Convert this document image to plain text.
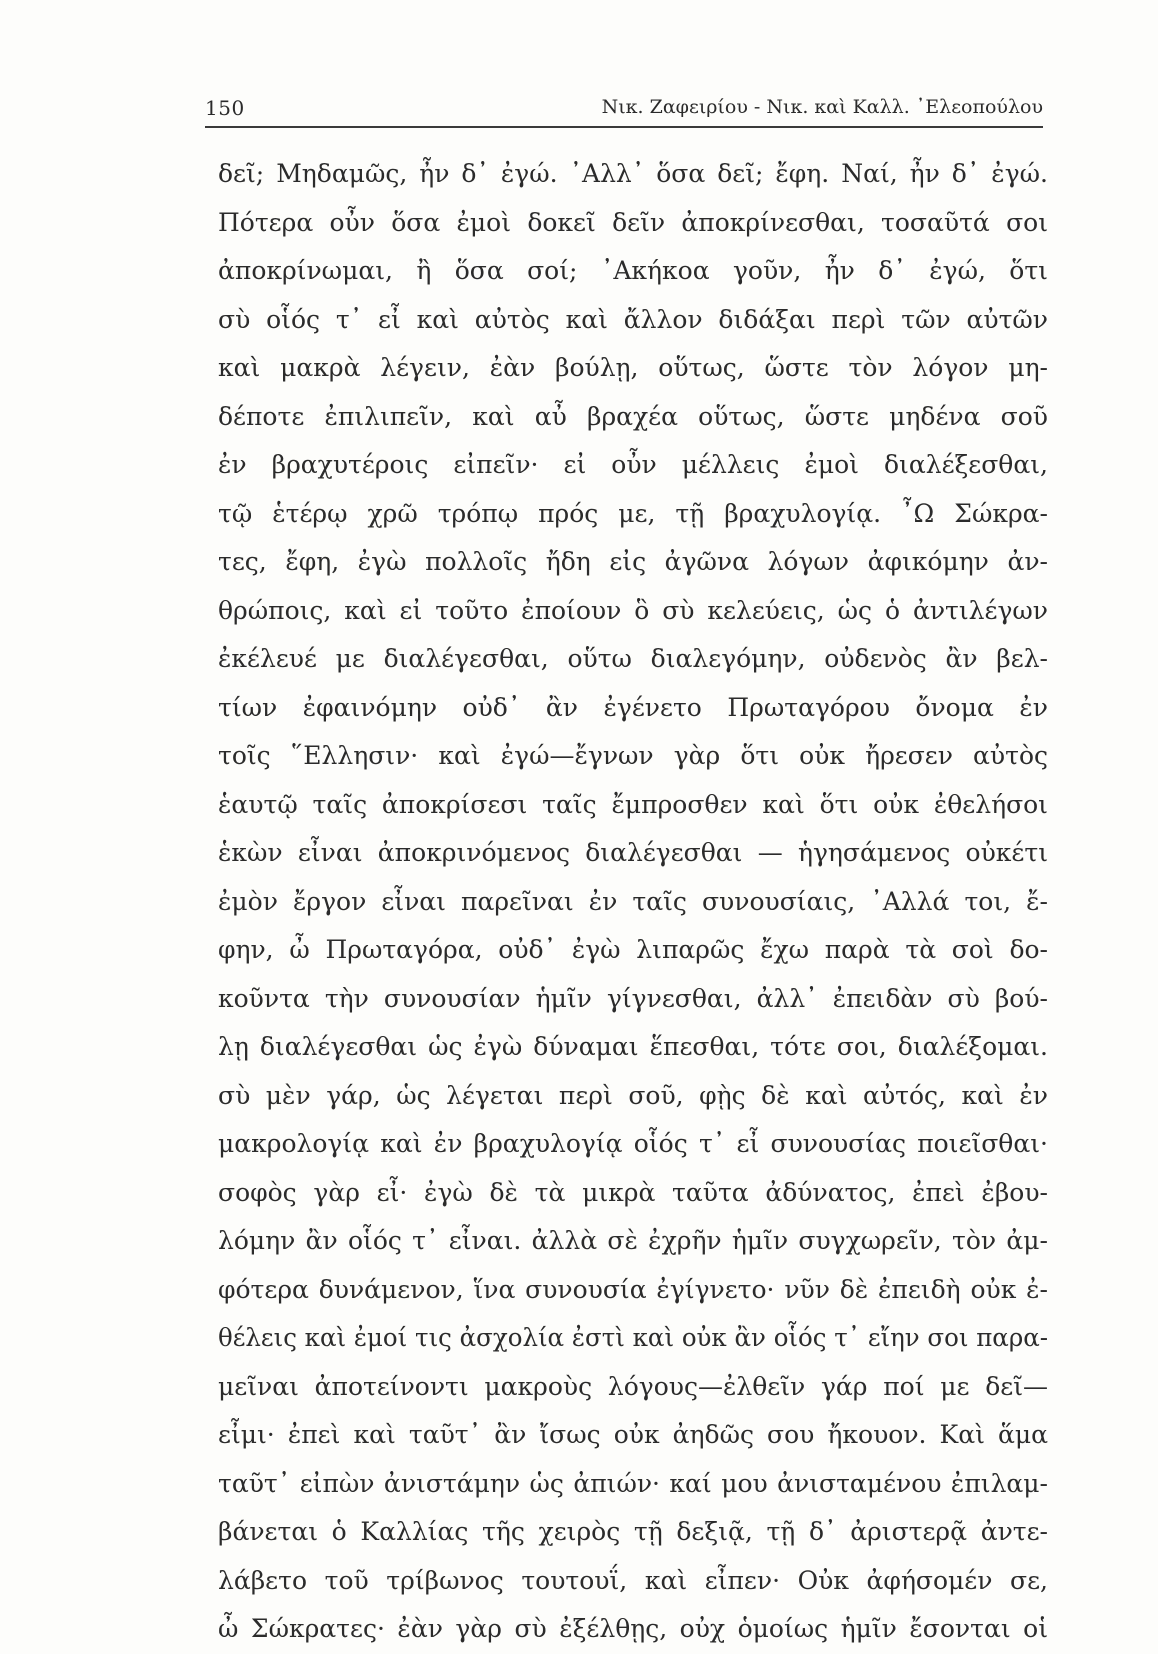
150	Νικ. Ζαφειρίου - Νικ. καὶ Καλλ. ᾿Ελεοπούλου
δεῖ; Μηδαμῶς, ἦν δ᾿ ἐγώ. ᾿Αλλ᾿ ὅσα δεῖ; ἔφη. Ναί, ἦν δ᾿ ἐγώ.
Πότερα οὖν ὅσα ἐμοὶ δοκεῖ δεῖν ἀποκρίνεσθαι, τοσαῦτά σοι
ἀποκρίνωμαι, ἢ ὅσα σοί; ᾿Ακήκοα γοῦν, ἦν δ᾿ ἐγώ, ὅτι
σὺ οἷός τ᾿ εἶ καὶ αὐτὸς καὶ ἄλλον διδάξαι περὶ τῶν αὐτῶν
καὶ μακρὰ λέγειν, ἐὰν βούλῃ, οὕτως, ὥστε τὸν λόγον μη-
δέποτε ἐπιλιπεῖν, καὶ αὖ βραχέα οὕτως, ὥστε μηδένα σοῦ
ἐν βραχυτέροις εἰπεῖν· εἰ οὖν μέλλεις ἐμοὶ διαλέξεσθαι,
τῷ ἑτέρῳ χρῶ τρόπῳ πρός με, τῇ βραχυλογίᾳ. ῏Ω Σώκρα-
τες, ἔφη, ἐγὼ πολλοῖς ἤδη εἰς ἀγῶνα λόγων ἀφικόμην ἀν-
θρώποις, καὶ εἰ τοῦτο ἐποίουν ὃ σὺ κελεύεις, ὡς ὁ ἀντιλέγων
ἐκέλευέ με διαλέγεσθαι, οὕτω διαλεγόμην, οὐδενὸς ἂν βελ-
τίων ἐφαινόμην οὐδ᾿ ἂν ἐγένετο Πρωταγόρου ὄνομα ἐν
τοῖς ῞Ελλησιν· καὶ ἐγώ—ἔγνων γὰρ ὅτι οὐκ ἤρεσεν αὐτὸς
ἑαυτῷ ταῖς ἀποκρίσεσι ταῖς ἔμπροσθεν καὶ ὅτι οὐκ ἐθελήσοι
ἑκὼν εἶναι ἀποκρινόμενος διαλέγεσθαι — ἡγησάμενος οὐκέτι
ἐμὸν ἔργον εἶναι παρεῖναι ἐν ταῖς συνουσίαις, ᾿Αλλά τοι, ἔ-
φην, ὦ Πρωταγόρα, οὐδ᾿ ἐγὼ λιπαρῶς ἔχω παρὰ τὰ σοὶ δο-
κοῦντα τὴν συνουσίαν ἡμῖν γίγνεσθαι, ἀλλ᾿ ἐπειδὰν σὺ βού-
λῃ διαλέγεσθαι ὡς ἐγὼ δύναμαι ἕπεσθαι, τότε σοι, διαλέξομαι.
σὺ μὲν γάρ, ὡς λέγεται περὶ σοῦ, φῂς δὲ καὶ αὐτός, καὶ ἐν
μακρολογίᾳ καὶ ἐν βραχυλογίᾳ οἷός τ᾿ εἶ συνουσίας ποιεῖσθαι·
σοφὸς γὰρ εἶ· ἐγὼ δὲ τὰ μικρὰ ταῦτα ἀδύνατος, ἐπεὶ ἐβου-
λόμην ἂν οἷός τ᾿ εἶναι. ἀλλὰ σὲ ἐχρῆν ἡμῖν συγχωρεῖν, τὸν ἀμ-
φότερα δυνάμενον, ἵνα συνουσία ἐγίγνετο· νῦν δὲ ἐπειδὴ οὐκ ἐ-
θέλεις καὶ ἐμοί τις ἀσχολία ἐστὶ καὶ οὐκ ἂν οἷός τ᾿ εἴην σοι παρα-
μεῖναι ἀποτείνοντι μακροὺς λόγους—ἐλθεῖν γάρ ποί με δεῖ—
εἶμι· ἐπεὶ καὶ ταῦτ᾿ ἂν ἴσως οὐκ ἀηδῶς σου ἤκουον. Καὶ ἅμα
ταῦτ᾿ εἰπὼν ἀνιστάμην ὡς ἀπιών· καί μου ἀνισταμένου ἐπιλαμ-
βάνεται ὁ Καλλίας τῆς χειρὸς τῇ δεξιᾷ, τῇ δ᾿ ἀριστερᾷ ἀντε-
λάβετο τοῦ τρίβωνος τουτουΐ, καὶ εἶπεν· Οὐκ ἀφήσομέν σε,
ὦ Σώκρατες· ἐὰν γὰρ σὺ ἐξέλθῃς, οὐχ ὁμοίως ἡμῖν ἔσονται οἱ
